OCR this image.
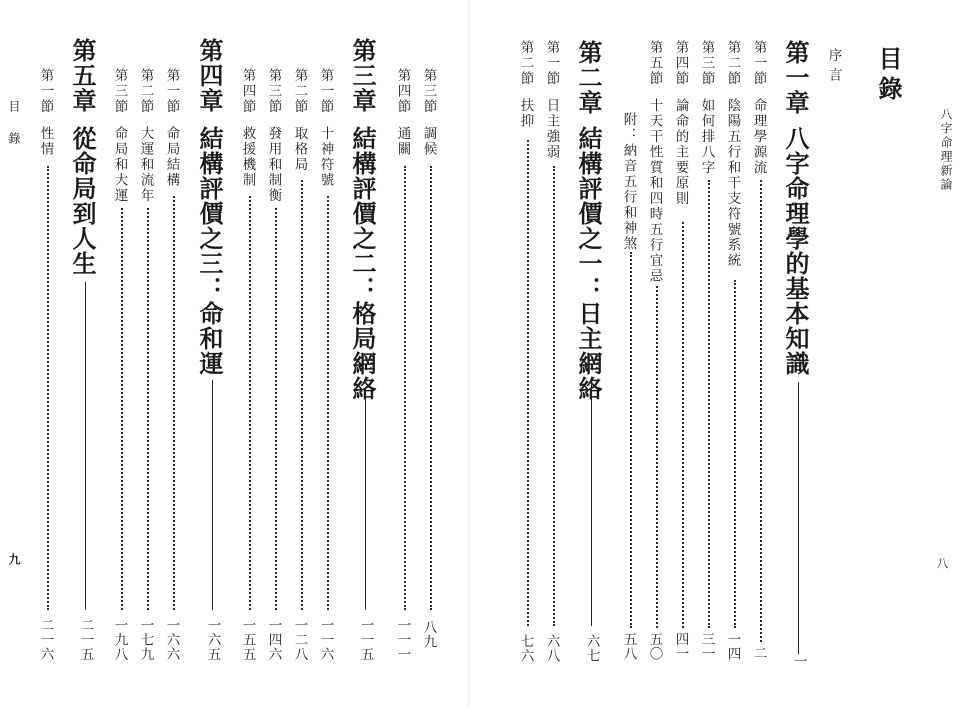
八字命理新論
八
目錄
序言
第一章
八字命理學的基本知識
一
第一節
命理學源流
二
第二節
陰陽五行和干支符號系統
一四
第三節
如何排八字
三一
第四節
論命的主要原則
四一
第五節
十天干性質和四時五行宜忌
五〇
附：納音五行和神煞
五八
第二章
結構評價之一：日主網絡
六七
第一節
日主強弱
六八
第二節
扶抑
七六
目錄
九
第三節
調候
八九
第四節
通關
一一一
第三章
結構評價之二：格局網絡
一一五
第一節
十神符號
一一六
第二節
取格局
一二八
第三節
發用和制衡
一四六
第四節
救援機制
一五五
第四章
結構評價之三：命和運
一六五
第一節
命局結構
一六六
第二節
大運和流年
一七九
第三節
命局和大運
一九八
第五章
從命局到人生
二一五
第一節
性情
二一六
